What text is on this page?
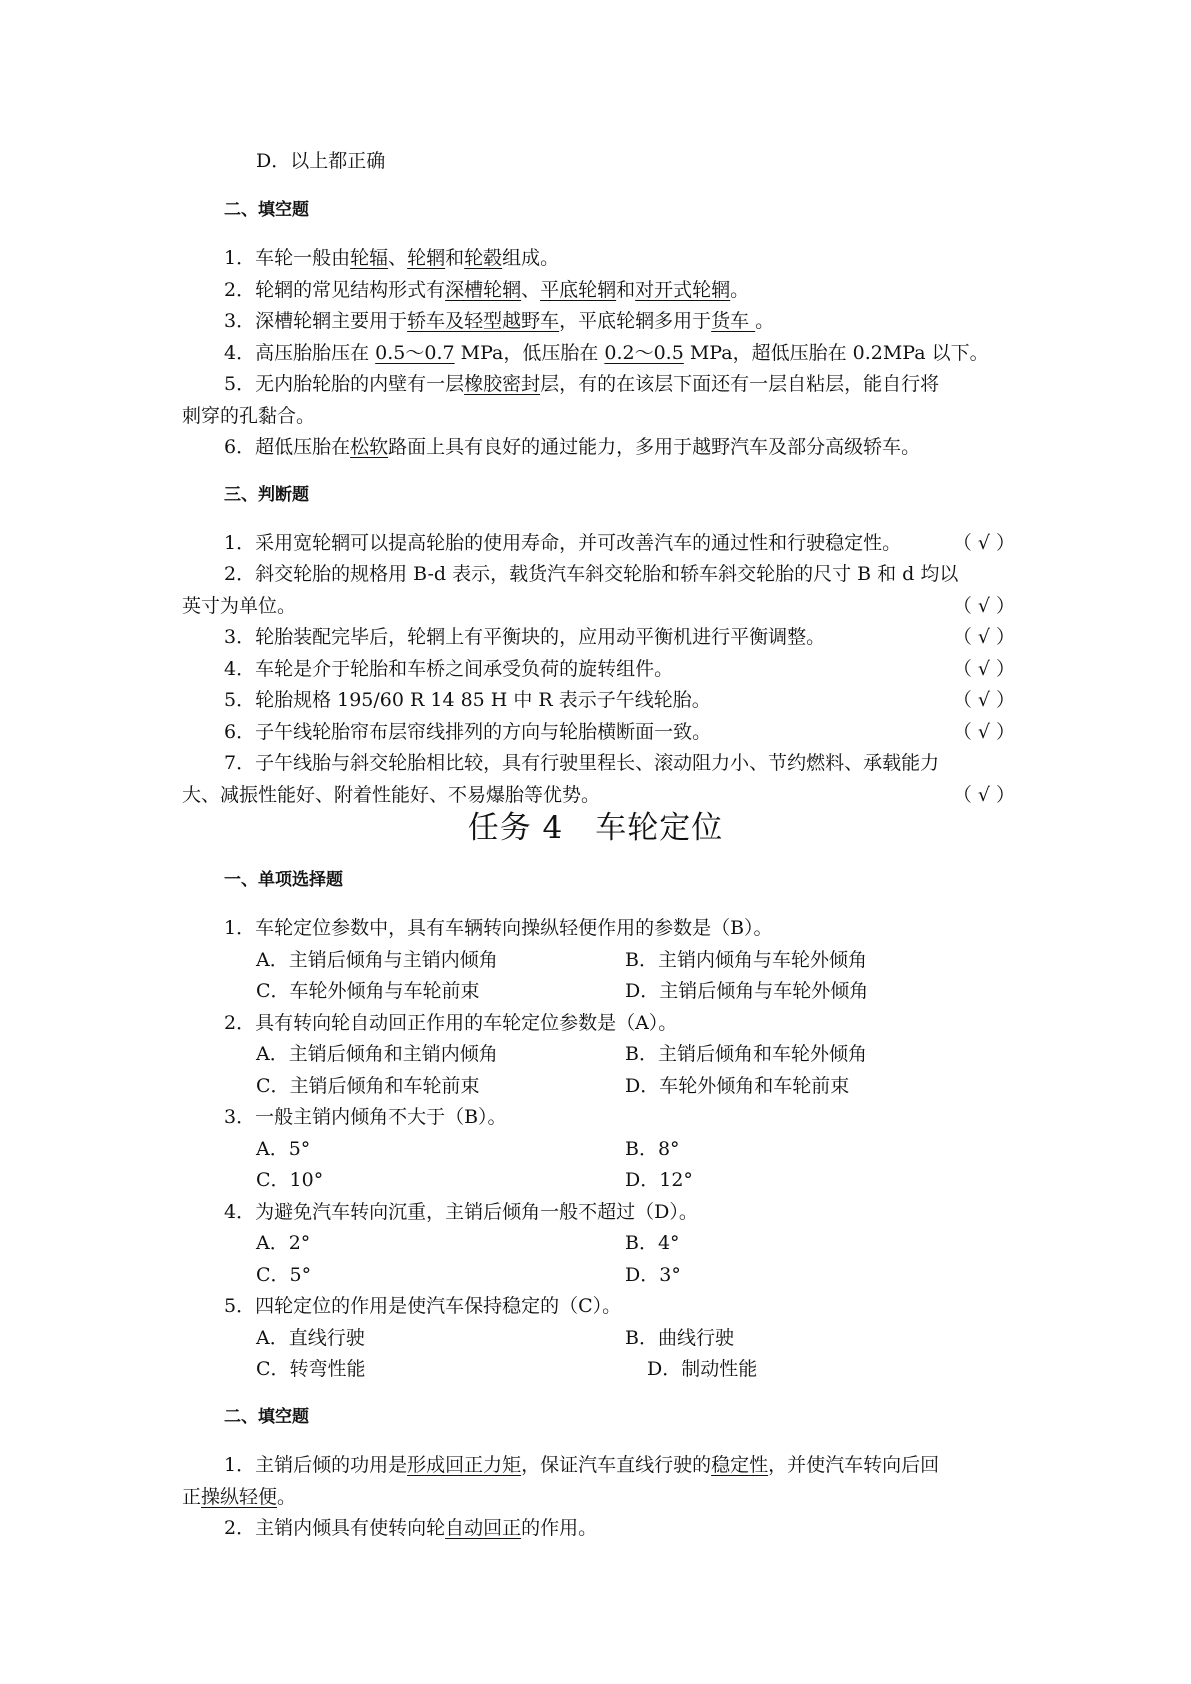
D．以上都正确
二、填空题
1．车轮一般由轮辐、轮辋和轮毂组成。
2．轮辋的常见结构形式有深槽轮辋、平底轮辋和对开式轮辋。
3．深槽轮辋主要用于轿车及轻型越野车，平底轮辋多用于货车 。
4．高压胎胎压在 0.5～0.7 MPa，低压胎在 0.2～0.5 MPa，超低压胎在 0.2MPa 以下。
5．无内胎轮胎的内壁有一层橡胶密封层，有的在该层下面还有一层自粘层，能自行将
刺穿的孔黏合。
6．超低压胎在松软路面上具有良好的通过能力，多用于越野汽车及部分高级轿车。
三、判断题
1．采用宽轮辋可以提高轮胎的使用寿命，并可改善汽车的通过性和行驶稳定性。	（ √ ）
2．斜交轮胎的规格用 B-d 表示，载货汽车斜交轮胎和轿车斜交轮胎的尺寸 B 和 d 均以
英寸为单位。	（ √ ）
3．轮胎装配完毕后，轮辋上有平衡块的，应用动平衡机进行平衡调整。	（ √ ）
4．车轮是介于轮胎和车桥之间承受负荷的旋转组件。	（ √ ）
5．轮胎规格 195/60 R 14 85 H 中 R 表示子午线轮胎。	（ √ ）
6．子午线轮胎帘布层帘线排列的方向与轮胎横断面一致。	（ √ ）
7．子午线胎与斜交轮胎相比较，具有行驶里程长、滚动阻力小、节约燃料、承载能力
大、减振性能好、附着性能好、不易爆胎等优势。	（ √ ）
任务 4　车轮定位
一、单项选择题
1．车轮定位参数中，具有车辆转向操纵轻便作用的参数是（B）。
A．主销后倾角与主销内倾角	B．主销内倾角与车轮外倾角
C．车轮外倾角与车轮前束	D．主销后倾角与车轮外倾角
2．具有转向轮自动回正作用的车轮定位参数是（A）。
A．主销后倾角和主销内倾角	B．主销后倾角和车轮外倾角
C．主销后倾角和车轮前束	D．车轮外倾角和车轮前束
3．一般主销内倾角不大于（B）。
A．5°	B．8°
C．10°	D．12°
4．为避免汽车转向沉重，主销后倾角一般不超过（D）。
A．2°	B．4°
C．5°	D．3°
5．四轮定位的作用是使汽车保持稳定的（C）。
A．直线行驶	B．曲线行驶
C．转弯性能	D．制动性能
二、填空题
1．主销后倾的功用是形成回正力矩，保证汽车直线行驶的稳定性，并使汽车转向后回
正操纵轻便。
2．主销内倾具有使转向轮自动回正的作用。
